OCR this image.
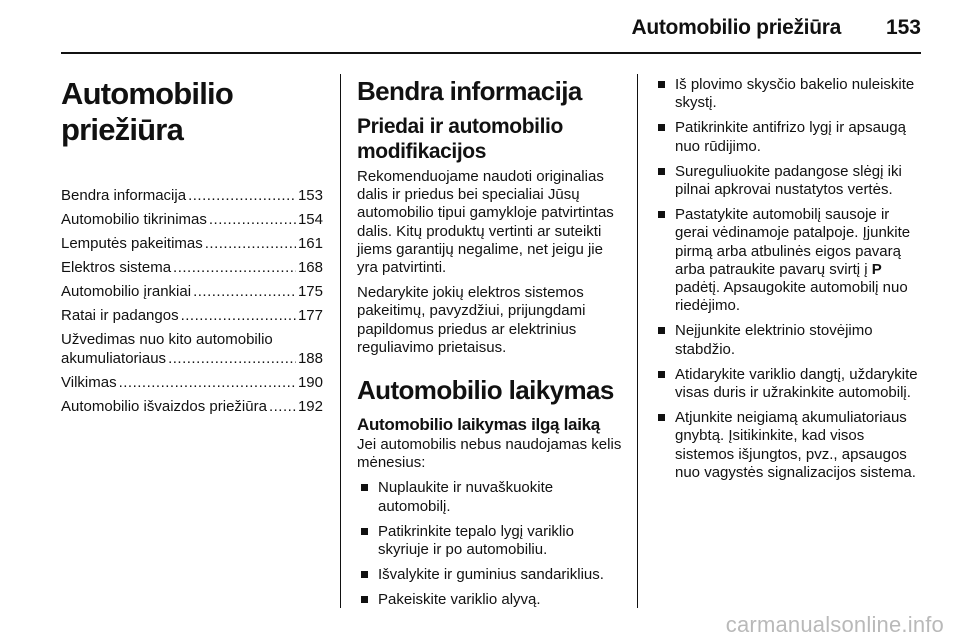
Automobilio priežiūra 153
Automobilio priežiūra
Bendra informacija .....	153
Automobilio tikrinimas .....	154
Lemputės pakeitimas .....	161
Elektros sistema .....	168
Automobilio įrankiai .....	175
Ratai ir padangos .....	177
Užvedimas nuo kito automobilio
akumuliatoriaus .....	188
Vilkimas .....	190
Automobilio išvaizdos priežiūra ..... 192
Bendra informacija
Priedai ir automobilio modifikacijos

Rekomenduojame naudoti originalias dalis ir priedus bei specialiai Jūsų automobilio tipui gamykloje patvirtintas dalis. Kitų produktų vertinti ar suteikti jiems garantijų negalime, net jeigu jie yra patvirtinti.

Nedarykite jokių elektros sistemos pakeitimų, pavyzdžiui, prijungdami papildomus priedus ar elektrinius reguliavimo prietaisus.

Automobilio laikymas
Automobilio laikymas ilgą laiką

Jei automobilis nebus naudojamas kelis mėnesius:

Nuplaukite ir nuvaškuokite automobilį.
Patikrinkite tepalo lygį variklio skyriuje ir po automobiliu.
Išvalykite ir guminius sandariklius.
Pakeiskite variklio alyvą.
Iš plovimo skysčio bakelio nuleiskite skystį.
Patikrinkite antifrizo lygį ir apsaugą nuo rūdijimo.
Sureguliuokite padangose slėgį iki pilnai apkrovai nustatytos vertės.
Pastatykite automobilį sausoje ir gerai vėdinamoje patalpoje. Įjunkite pirmą arba atbulinės eigos pavarą arba patraukite pavarų svirtį į P padėtį. Apsaugokite automobilį nuo riedėjimo.
Neįjunkite elektrinio stovėjimo stabdžio.
Atidarykite variklio dangtį, uždarykite visas duris ir užrakinkite automobilį.
Atjunkite neigiamą akumuliatoriaus gnybtą. Įsitikinkite, kad visos sistemos išjungtos, pvz., apsaugos nuo vagystės signalizacijos sistema.
carmanualsonline.info
